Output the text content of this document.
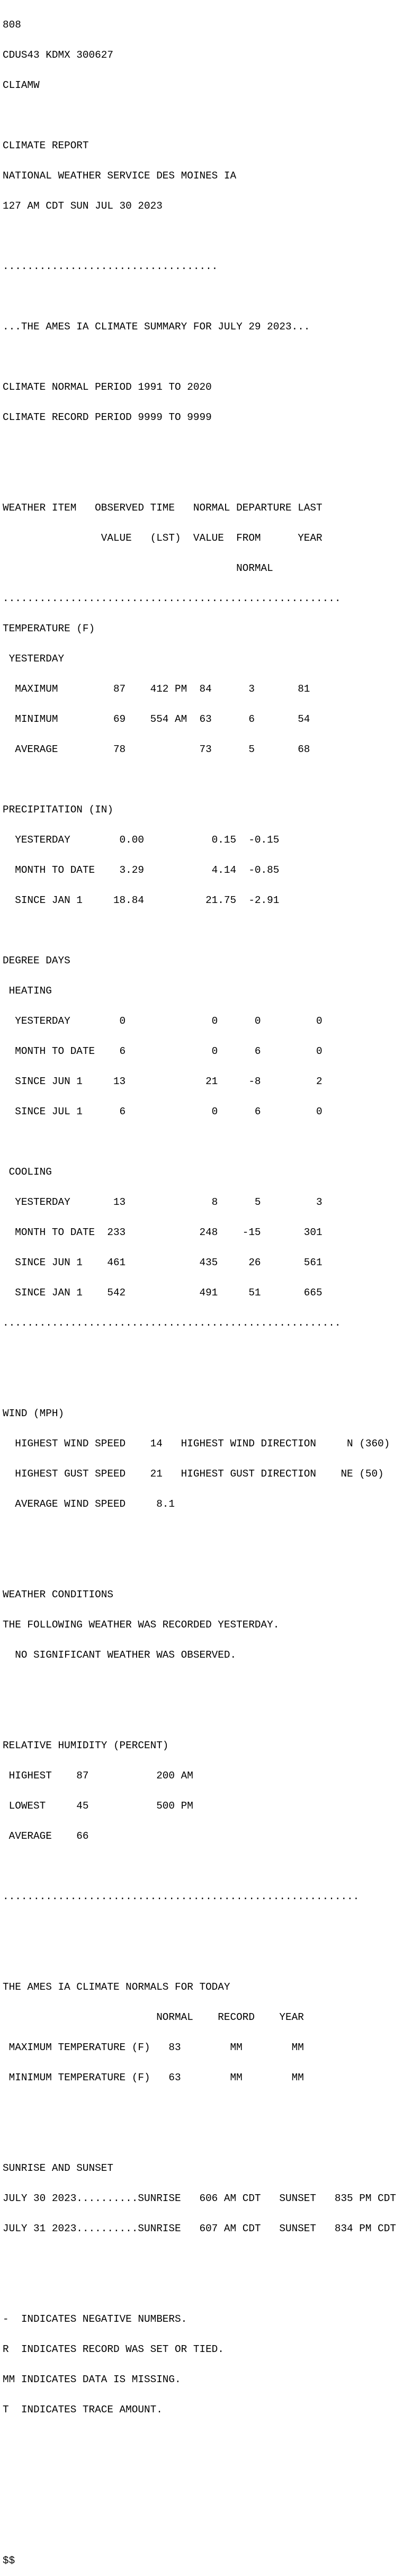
808

CDUS43 KDMX 300627

CLIAMW

CLIMATE REPORT

NATIONAL WEATHER SERVICE DES MOINES IA

127 AM CDT SUN JUL 30 2023

...................................

...THE AMES IA CLIMATE SUMMARY FOR JULY 29 2023...

CLIMATE NORMAL PERIOD 1991 TO 2020

CLIMATE RECORD PERIOD 9999 TO 9999

WEATHER ITEM   OBSERVED TIME   NORMAL DEPARTURE LAST

VALUE   (LST)  VALUE  FROM      YEAR

NORMAL

.......................................................

TEMPERATURE (F)

YESTERDAY

MAXIMUM         87    412 PM  84      3       81

MINIMUM         69    554 AM  63      6       54

AVERAGE         78            73      5       68

PRECIPITATION (IN)

YESTERDAY        0.00           0.15  -0.15

MONTH TO DATE    3.29           4.14  -0.85

SINCE JAN 1     18.84          21.75  -2.91

DEGREE DAYS

HEATING

YESTERDAY        0              0      0         0

MONTH TO DATE    6              0      6         0

SINCE JUN 1     13             21     -8         2

SINCE JUL 1      6              0      6         0

COOLING

YESTERDAY       13              8      5         3

MONTH TO DATE  233            248    -15       301

SINCE JUN 1    461            435     26       561

SINCE JAN 1    542            491     51       665

.......................................................

WIND (MPH)

HIGHEST WIND SPEED    14   HIGHEST WIND DIRECTION     N (360)

HIGHEST GUST SPEED    21   HIGHEST GUST DIRECTION    NE (50)

AVERAGE WIND SPEED     8.1

WEATHER CONDITIONS

THE FOLLOWING WEATHER WAS RECORDED YESTERDAY.

NO SIGNIFICANT WEATHER WAS OBSERVED.

RELATIVE HUMIDITY (PERCENT)

HIGHEST    87           200 AM

LOWEST     45           500 PM

AVERAGE    66

..........................................................

THE AMES IA CLIMATE NORMALS FOR TODAY

NORMAL    RECORD    YEAR

MAXIMUM TEMPERATURE (F)   83        MM        MM

MINIMUM TEMPERATURE (F)   63        MM        MM

SUNRISE AND SUNSET

JULY 30 2023..........SUNRISE   606 AM CDT   SUNSET   835 PM CDT

JULY 31 2023..........SUNRISE   607 AM CDT   SUNSET   834 PM CDT

-  INDICATES NEGATIVE NUMBERS.

R  INDICATES RECORD WAS SET OR TIED.

MM INDICATES DATA IS MISSING.

T  INDICATES TRACE AMOUNT.

$$
